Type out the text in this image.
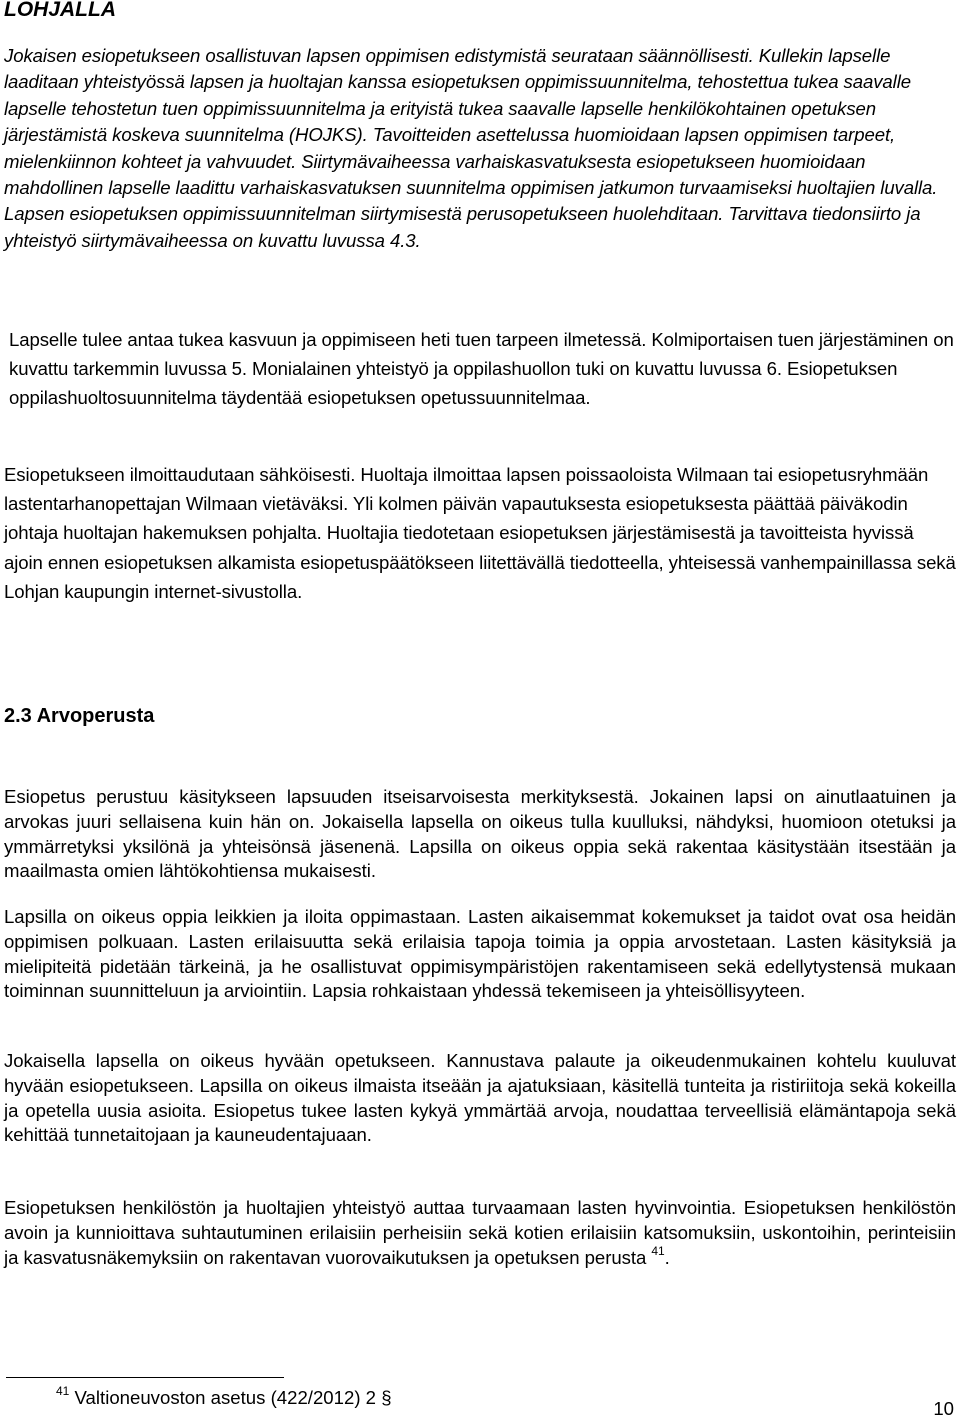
LOHJALLA
Jokaisen esiopetukseen osallistuvan lapsen oppimisen edistymistä seurataan säännöllisesti. Kullekin lapselle laaditaan yhteistyössä lapsen ja huoltajan kanssa esiopetuksen oppimissuunnitelma, tehostettua tukea saavalle lapselle tehostetun tuen oppimissuunnitelma ja erityistä tukea saavalle lapselle henkilökohtainen opetuksen järjestämistä koskeva suunnitelma (HOJKS). Tavoitteiden asettelussa huomioidaan lapsen oppimisen tarpeet, mielenkiinnon kohteet ja vahvuudet. Siirtymävaiheessa varhaiskasvatuksesta esiopetukseen huomioidaan mahdollinen lapselle laadittu varhaiskasvatuksen suunnitelma oppimisen jatkumon turvaamiseksi huoltajien luvalla. Lapsen esiopetuksen oppimissuunnitelman siirtymisestä perusopetukseen huolehditaan. Tarvittava tiedonsiirto ja yhteistyö siirtymävaiheessa on kuvattu luvussa 4.3.
Lapselle tulee antaa tukea kasvuun ja oppimiseen heti tuen tarpeen ilmetessä. Kolmiportaisen tuen järjestäminen on kuvattu tarkemmin luvussa 5. Monialainen yhteistyö ja oppilashuollon tuki on kuvattu luvussa 6. Esiopetuksen oppilashuoltosuunnitelma täydentää esiopetuksen opetussuunnitelmaa.
Esiopetukseen ilmoittaudutaan sähköisesti. Huoltaja ilmoittaa lapsen poissaoloista Wilmaan tai esiopetusryhmään lastentarhanopettajan Wilmaan vietäväksi. Yli kolmen päivän vapautuksesta esiopetuksesta päättää päiväkodin johtaja huoltajan hakemuksen pohjalta. Huoltajia tiedotetaan esiopetuksen järjestämisestä ja tavoitteista hyvissä ajoin ennen esiopetuksen alkamista esiopetuspäätökseen liitettävällä tiedotteella, yhteisessä vanhempainillassa sekä Lohjan kaupungin internet-sivustolla.
2.3 Arvoperusta
Esiopetus perustuu käsitykseen lapsuuden itseisarvoisesta merkityksestä. Jokainen lapsi on ainutlaatuinen ja arvokas juuri sellaisena kuin hän on. Jokaisella lapsella on oikeus tulla kuulluksi, nähdyksi, huomioon otetuksi ja ymmärretyksi yksilönä ja yhteisönsä jäsenenä. Lapsilla on oikeus oppia sekä rakentaa käsitystään itsestään ja maailmasta omien lähtökohtiensa mukaisesti.
Lapsilla on oikeus oppia leikkien ja iloita oppimastaan. Lasten aikaisemmat kokemukset ja taidot ovat osa heidän oppimisen polkuaan. Lasten erilaisuutta sekä erilaisia tapoja toimia ja oppia arvostetaan. Lasten käsityksiä ja mielipiteitä pidetään tärkeinä, ja he osallistuvat oppimisympäristöjen rakentamiseen sekä edellytystensä mukaan toiminnan suunnitteluun ja arviointiin. Lapsia rohkaistaan yhdessä tekemiseen ja yhteisöllisyyteen.
Jokaisella lapsella on oikeus hyvään opetukseen. Kannustava palaute ja oikeudenmukainen kohtelu kuuluvat hyvään esiopetukseen. Lapsilla on oikeus ilmaista itseään ja ajatuksiaan, käsitellä tunteita ja ristiriitoja sekä kokeilla ja opetella uusia asioita. Esiopetus tukee lasten kykyä ymmärtää arvoja, noudattaa terveellisiä elämäntapoja sekä kehittää tunnetaitojaan ja kauneudentajuaan.
Esiopetuksen henkilöstön ja huoltajien yhteistyö auttaa turvaamaan lasten hyvinvointia. Esiopetuksen henkilöstön avoin ja kunnioittava suhtautuminen erilaisiin perheisiin sekä kotien erilaisiin katsomuksiin, uskontoihin, perinteisiin ja kasvatusnäkemyksiin on rakentavan vuorovaikutuksen ja opetuksen perusta $^{41}$.
$^{41}$ Valtioneuvoston asetus (422/2012) 2 §
10
